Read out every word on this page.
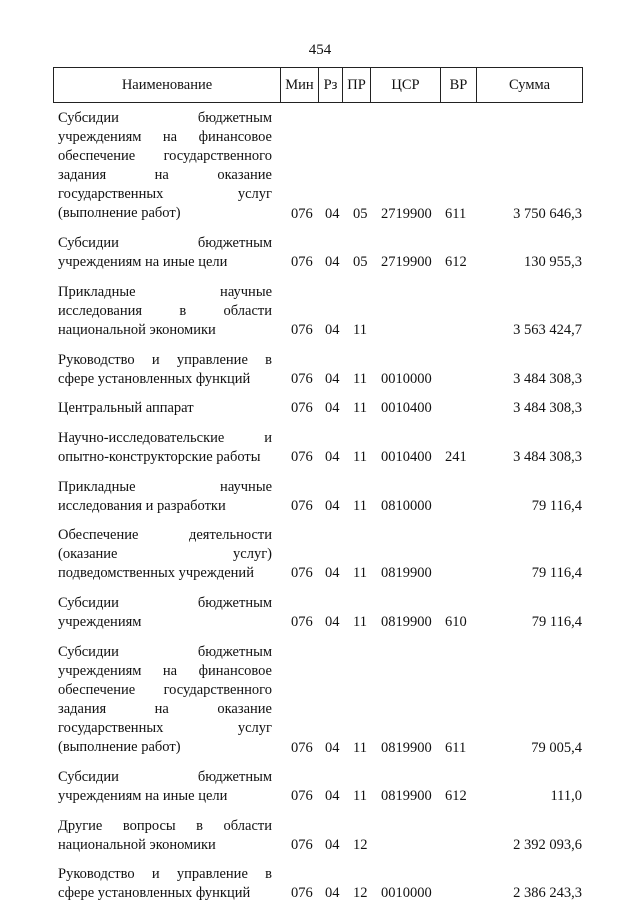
454
Наименование	Мин Рз ПР	ЦСР	ВР	Сумма
Субсидии бюджетным
учреждениям на финансовое
обеспечение государственного
задания на оказание
государственных услуг
(выполнение работ)	076 04 05 2719900 611	3 750 646,3
Субсидии бюджетным
учреждениям на иные цели	076 04 05 2719900 612	130 955,3
Прикладные научные
исследования в области
национальной экономики	076 04 11	3 563 424,7
Руководство и управление в
сфере установленных функций	076 04 11 0010000	3 484 308,3
Центральный аппарат	076 04 11 0010400	3 484 308,3
Научно-исследовательские и
опытно-конструкторские работы	076 04 11 0010400 241	3 484 308,3
Прикладные научные
исследования и разработки	076 04 11 0810000	79 116,4
Обеспечение деятельности
(оказание услуг)
подведомственных учреждений	076 04 11 0819900	79 116,4
Субсидии бюджетным
учреждениям	076 04 11 0819900 610	79 116,4
Субсидии бюджетным
учреждениям на финансовое
обеспечение государственного
задания на оказание
государственных услуг
(выполнение работ)	076 04 11 0819900 611	79 005,4
Субсидии бюджетным
учреждениям на иные цели	076 04 11 0819900 612	111,0
Другие вопросы в области
национальной экономики	076 04 12	2 392 093,6
Руководство и управление в
сфере установленных функций	076 04 12 0010000	2 386 243,3
